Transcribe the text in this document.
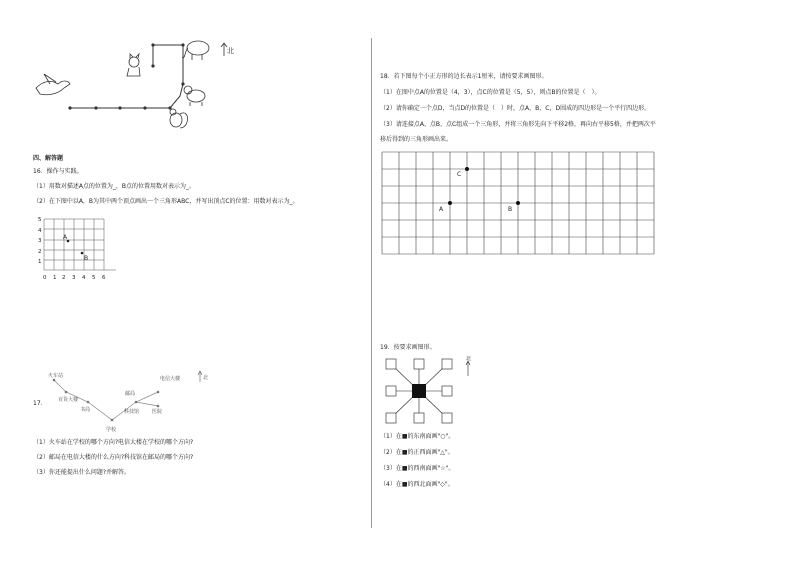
北
四、解答题
16．操作与实践。
（1）用数对描述A点的位置为_，B点的位置用数对表示为_。
（2）在下图中以A，B为其中两个顶点画出一个三角形ABC，并写出顶点C的位置：用数对表示为_。
A
B
5
4
3
2
1
0 1 2 3 4 5 6
火车站
百货大楼
书局
学校
邮局
科技馆
电信大楼
医院
北
17．
（1）火车站在学校的哪个方向?电信大楼在学校的哪个方向?
（2）邮局在电信大楼的什么方向?科技馆在邮局的哪个方向?
（3）你还能提出什么问题?并解答。
18．若下图每个小正方形的边长表示1厘米，请按要求画图形。
（1）在图中点A的位置是（4，3），点C的位置是（5，5），则点B的位置是（　）。
（2）请你确定一个点D，当点D的位置是（　）时，点A，B，C，D围成的四边形是一个平行四边形。
（3）请连接点A、点B、点C组成一个三角形，并将三角形先向下平移2格，再向右平移5格，并把两次平
移后得到的三角形画出来。
A	B
C
19．按要求画图形。
北
（1）在■的东南面画"○"。
（2）在■的正西面画"△"。
（3）在■的西南面画"☆"。
（4）在■的西北面画"◇"。
